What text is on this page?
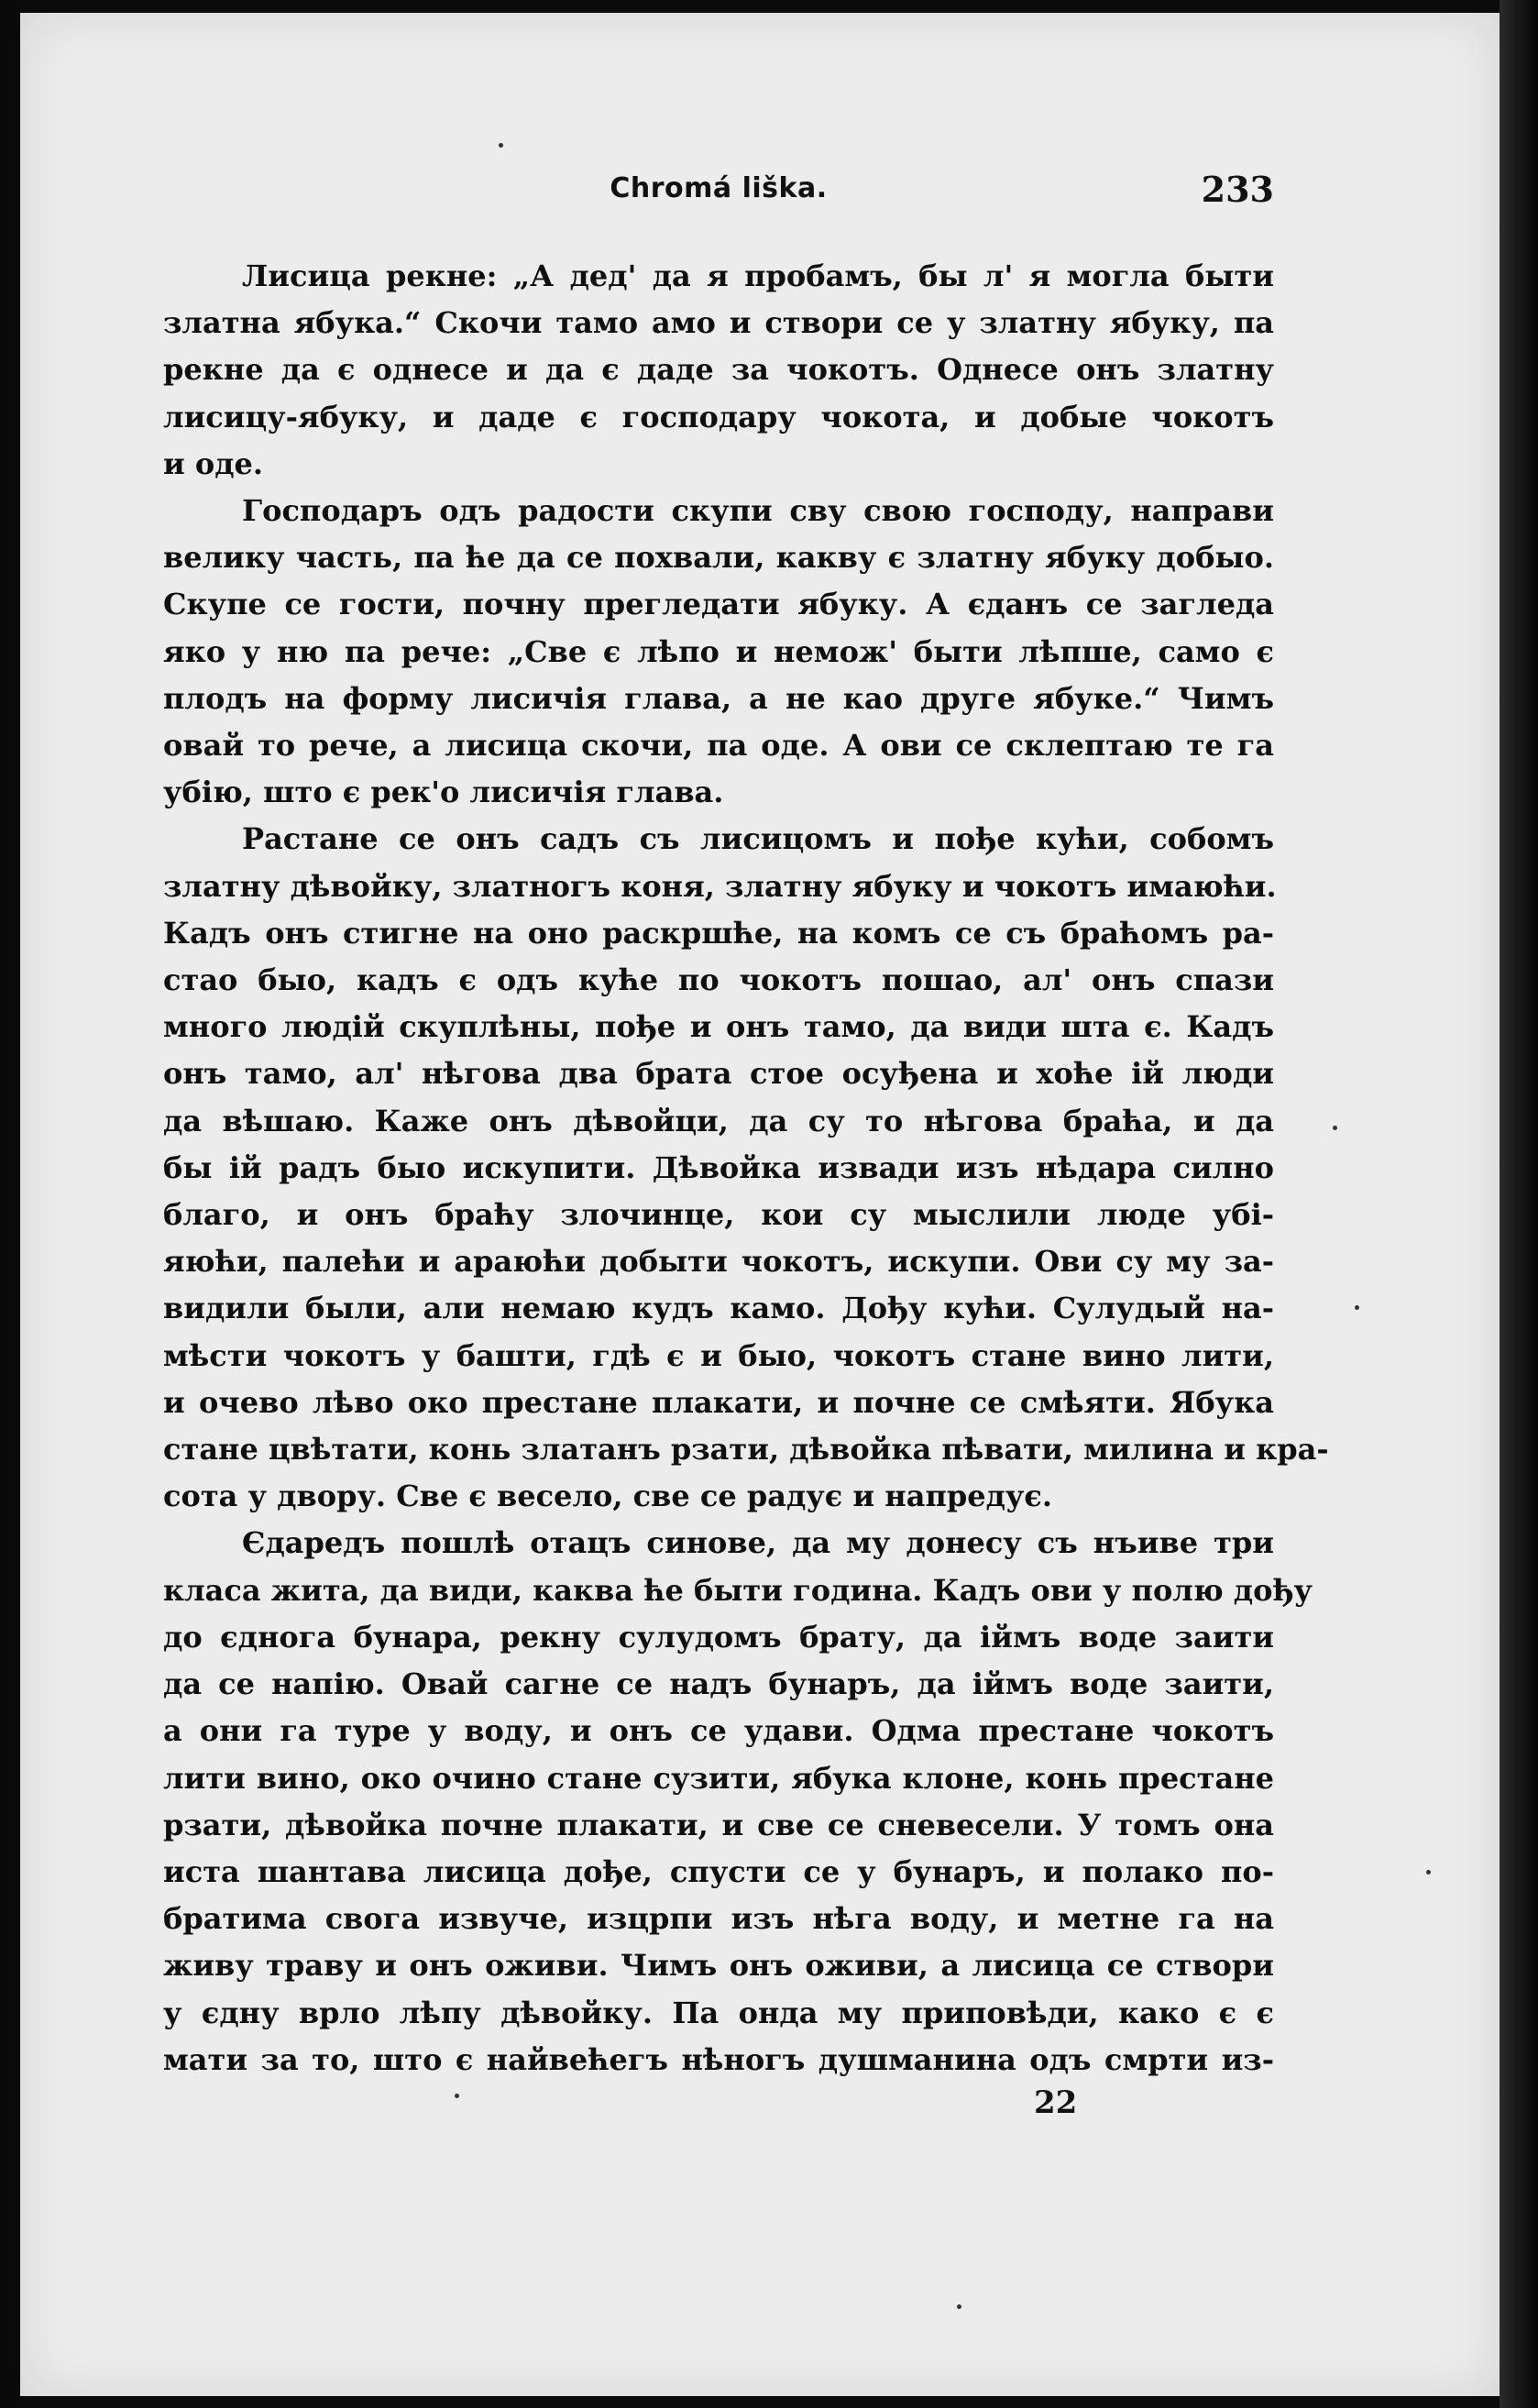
Chromá liška.	233
Лисица рекне: „А дед' да я пробамъ, бы л' я могла быти
златна ябука.“ Скочи тамо амо и створи се у златну ябуку, па
рекне да є однесе и да є даде за чокотъ. Однесе онъ златну
лисицу-ябуку, и даде є господару чокота, и добые чокотъ
и оде.
Господаръ одъ радости скупи сву свою господу, направи
велику часть, па ће да се похвали, какву є златну ябуку добыо.
Скупе се гости, почну прегледати ябуку. А єданъ се загледа
яко у ню па рече: „Све є лѣпо и немож' быти лѣпше, само є
плодъ на форму лисичія глава, а не као друге ябуке.“ Чимъ
овай то рече, а лисица скочи, па оде. А ови се склептаю те га
убію, што є рек'о лисичія глава.
Растане се онъ садъ съ лисицомъ и пођe кући, собомъ
златну дѣвойку, златногъ коня, златну ябуку и чокотъ имаюћи.
Кадъ онъ стигне на оно раскршће, на комъ се съ браћомъ ра-
стао быо, кадъ є одъ куће по чокотъ пошао, ал' онъ спази
много людій скуплѣны, пође и онъ тамо, да види шта є. Кадъ
онъ тамо, ал' нѣгова два брата стое осуђена и хоће ій люди
да вѣшаю. Каже онъ дѣвойци, да су то нѣгова браћа, и да
бы ій радъ быо искупити. Дѣвойка извади изъ нѣдара силно
благо, и онъ браћу злочинце, кои су мыслили люде убі-
яюћи, палећи и араюћи добыти чокотъ, искупи. Ови су му за-
видили были, али немаю кудъ камо. Дођу кући. Сулудый на-
мѣсти чокотъ у башти, гдѣ є и быо, чокотъ стане вино лити,
и очево лѣво око престане плакати, и почне се смѣяти. Ябука
стане цвѣтати, конь златанъ рзати, дѣвойка пѣвати, милина и кра-
сота у двору. Све є весело, све се радує и напредує.
Єдаредъ пошлѣ отацъ синове, да му донесу съ нъиве три
класа жита, да види, каква ће быти година. Кадъ ови у полю дођу
до єднога бунара, рекну сулудомъ брату, да іймъ воде заити
да се напію. Овай сагне се надъ бунаръ, да іймъ воде заити,
а они га туре у воду, и онъ се удави. Одма престане чокотъ
лити вино, око очино стане сузити, ябука клоне, конь престане
рзати, дѣвойка почне плакати, и све се сневесели. У томъ она
иста шантава лисица дође, спусти се у бунаръ, и полако по-
братима свога извуче, изцрпи изъ нѣга воду, и метне га на
живу траву и онъ оживи. Чимъ онъ оживи, а лисица се створи
у єдну врло лѣпу дѣвойку. Па онда му приповѣди, како є є
мати за то, што є найвећегъ нѣногъ душманина одъ смрти из-
22
